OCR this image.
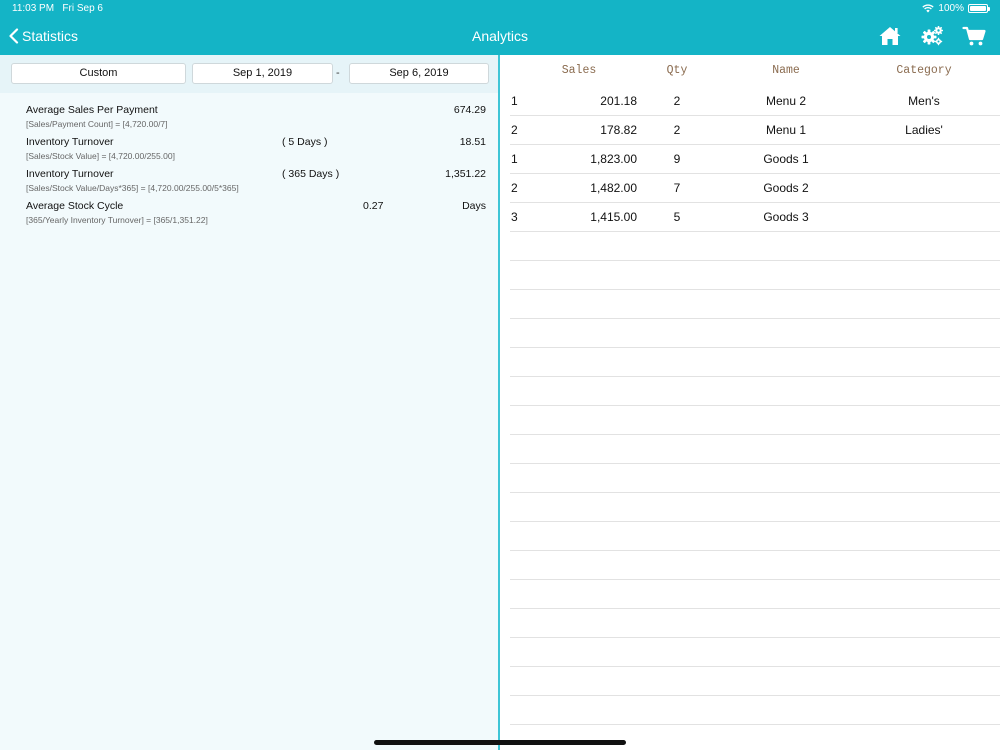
11:03 PM Fri Sep 6	100%
Statistics	Analytics
Custom	Sep 1, 2019	-	Sep 6, 2019
Average Sales Per Payment
[Sales/Payment Count] = [4,720.00/7]
674.29
Inventory Turnover
[Sales/Stock Value] = [4,720.00/255.00]
( 5 Days )	18.51
Inventory Turnover
[Sales/Stock Value/Days*365] = [4,720.00/255.00/5*365]
( 365 Days )	1,351.22
Average Stock Cycle
[365/Yearly Inventory Turnover] = [365/1,351.22]
0.27	Days
Sales	Qty	Name	Category
1	201.18	2	Menu 2	Men's
2	178.82	2	Menu 1	Ladies'
1	1,823.00	9	Goods 1
2	1,482.00	7	Goods 2
3	1,415.00	5	Goods 3
